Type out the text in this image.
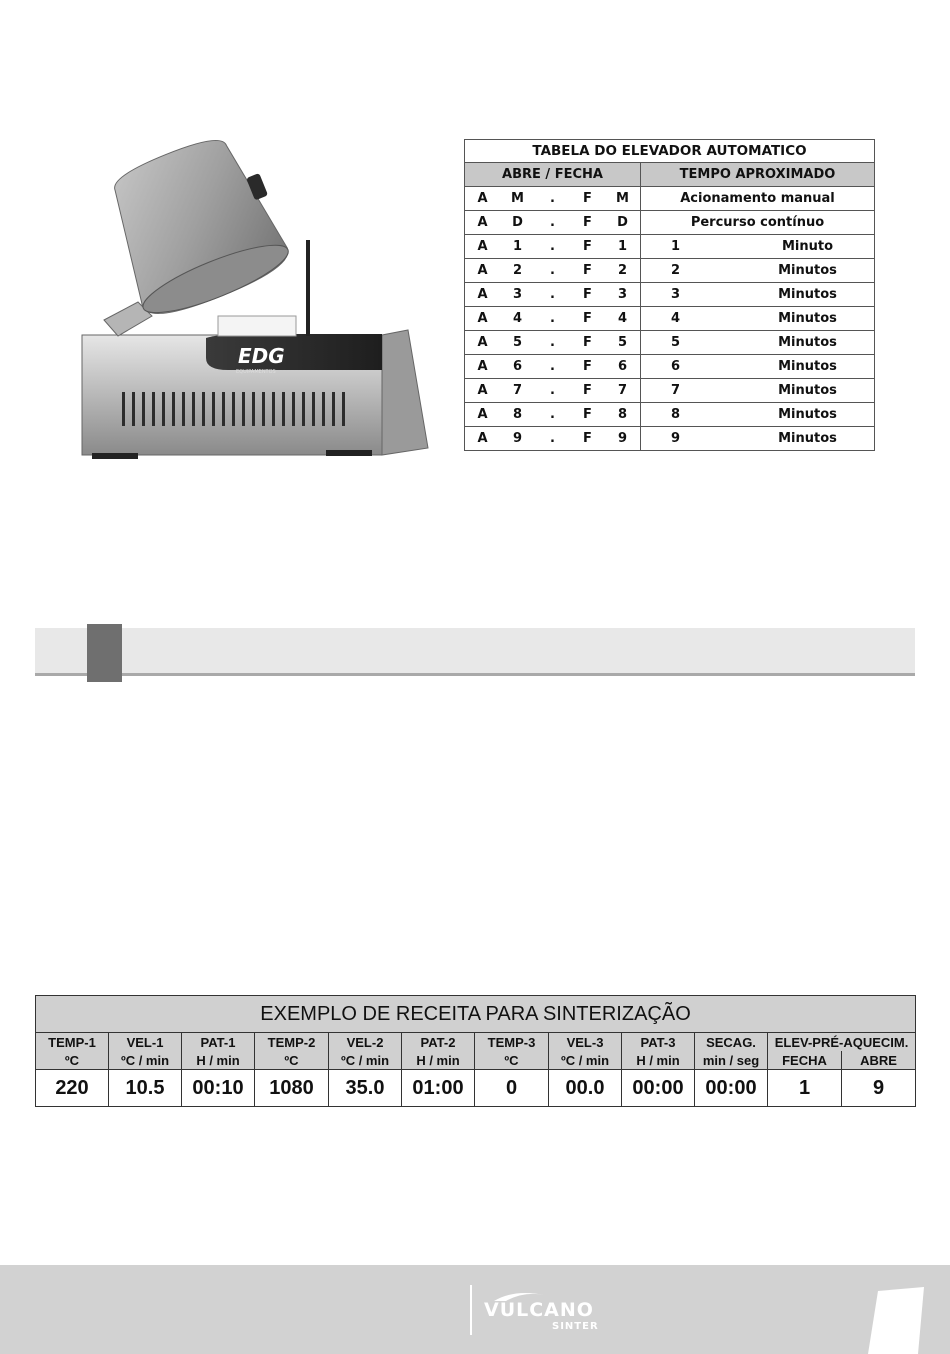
EDG
EQUIPAMENTOS
TABELA DO ELEVADOR AUTOMATICO						
ABRE / FECHA					TEMPO APROXIMADO	
A	M	.	F	M	Acionamento manual	
A	D	.	F	D	Percurso contínuo	
A	1	.	F	1	1	Minuto
A	2	.	F	2	2	Minutos
A	3	.	F	3	3	Minutos
A	4	.	F	4	4	Minutos
A	5	.	F	5	5	Minutos
A	6	.	F	6	6	Minutos
A	7	.	F	7	7	Minutos
A	8	.	F	8	8	Minutos
A	9	.	F	9	9	Minutos
EXEMPLO DE RECEITA PARA SINTERIZAÇÃO											
TEMP-1	VEL-1	PAT-1	TEMP-2	VEL-2	PAT-2	TEMP-3	VEL-3	PAT-3	SECAG.	ELEV-PRÉ-AQUECIM.	
ºC	ºC / min	H / min	ºC	ºC / min	H / min	ºC	ºC / min	H / min	min / seg	FECHA	ABRE
220	10.5	00:10	1080	35.0	01:00	0	00.0	00:00	00:00	1	9
VULCANO
SINTER
